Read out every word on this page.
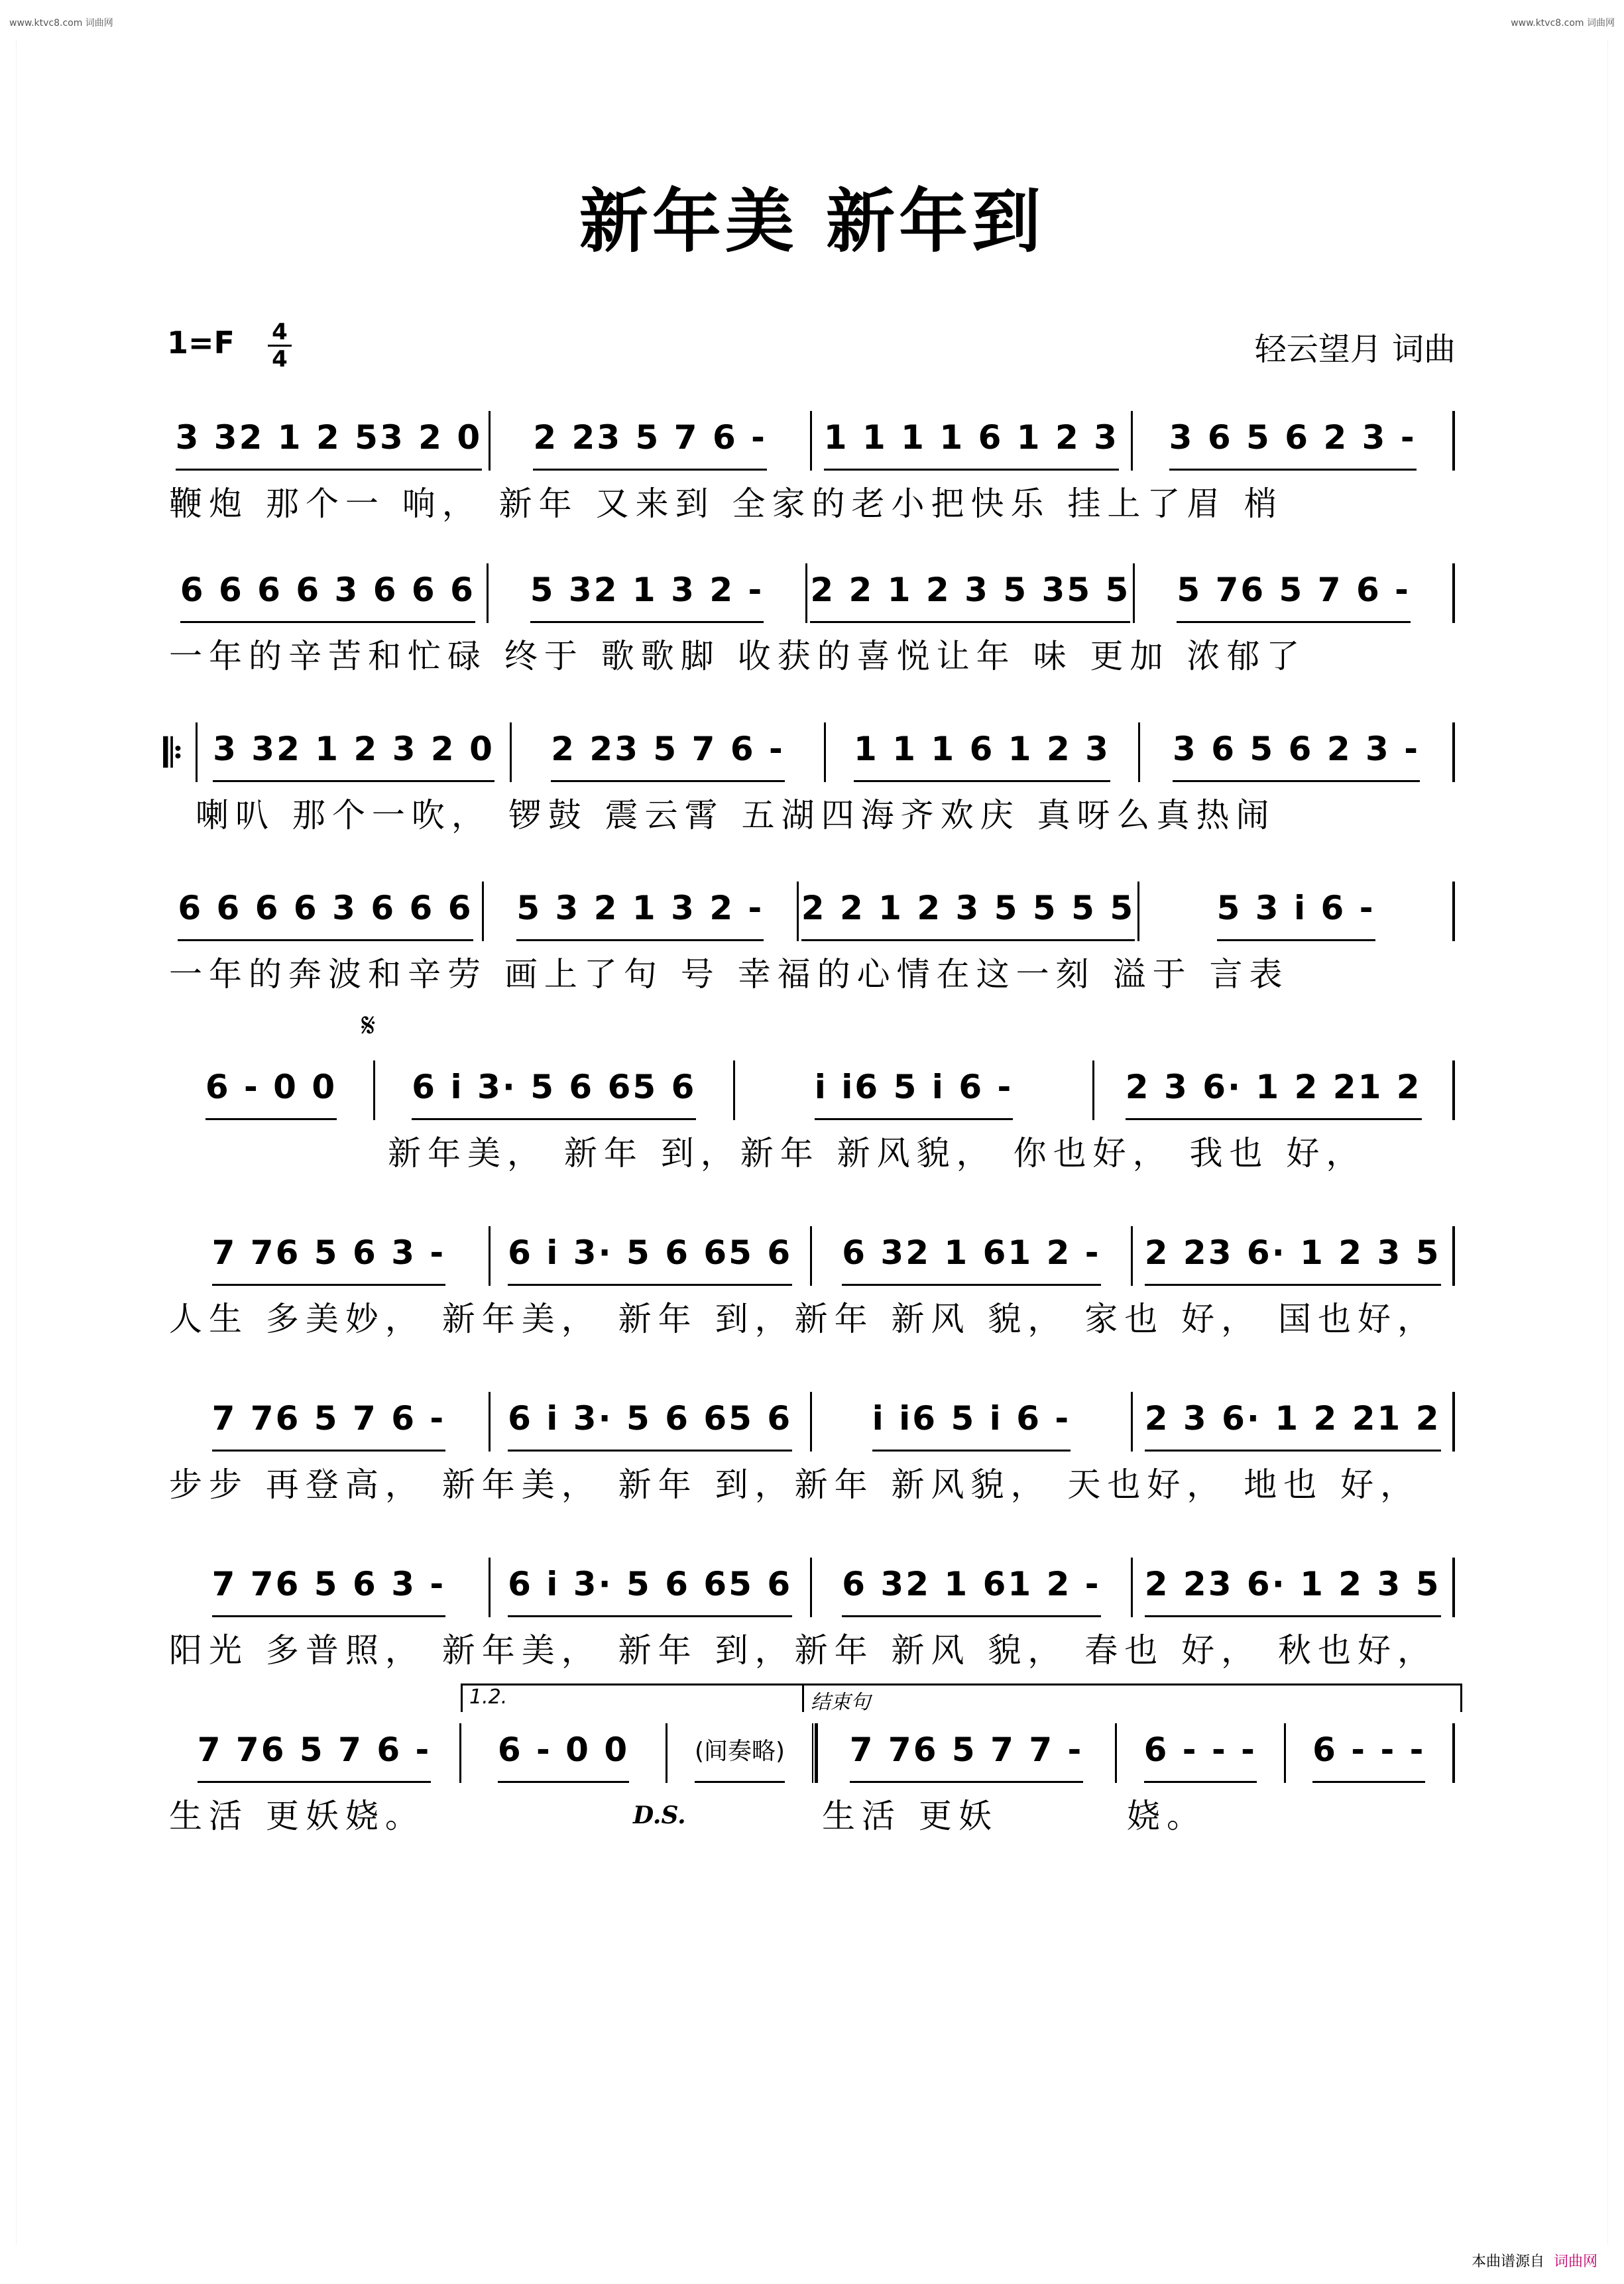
www.ktvc8.com 词曲网	www.ktvc8.com 词曲网
新年美 新年到
1=F 4
4	轻云望月 词曲
3 32 1 2 53 2 0 2 23 5 7 6 - 1 1 1 1 6 1 2 3 3 6 5 6 2 3 -
鞭炮 那个一 响， 新年 又来到 全家的老小把快乐 挂上了眉 梢
6 6 6 6 3 6 6 6 5 32 1 3 2 - 2 2 1 2 3 5 35 5 5 76 5 7 6 -
一年的辛苦和忙碌 终于 歌歌脚 收获的喜悦让年 味 更加 浓郁了
𝄆 3 32 1 2 3 2 0 2 23 5 7 6 - 1 1 1 6 1 2 3 3 6 5 6 2 3 -
喇叭 那个一吹， 锣鼓 震云霄 五湖四海齐欢庆 真呀么真热闹
6 6 6 6 3 6 6 6 5 3 2 1 3 2 - 2 2 1 2 3 5 5 5 5 5 3 i 6 -
一年的奔波和辛劳 画上了句 号 幸福的心情在这一刻 溢于 言表
𝄋
6 - 0 0 6 i 3· 5 6 65 6	i i6 5 i 6 -	2 3 6· 1 2 21 2
新年美， 新年 到，新年 新风貌， 你也好， 我也 好，
7 76 5 6 3 - 6 i 3· 5 6 65 6 6 32 1 61 2 - 2 23 6· 1 2 3 5
人生 多美妙， 新年美， 新年 到，新年 新风 貌， 家也 好， 国也好，
7 76 5 7 6 - 6 i 3· 5 6 65 6 i i6 5 i 6 - 2 3 6· 1 2 21 2
步步 再登高， 新年美， 新年 到，新年 新风貌， 天也好， 地也 好，
7 76 5 6 3 - 6 i 3· 5 6 65 6 6 32 1 61 2 - 2 23 6· 1 2 3 5
阳光 多普照， 新年美， 新年 到，新年 新风 貌， 春也 好， 秋也好，
1.2.	结束句
7 76 5 7 6 - 6 - 0 0	(间奏略) 7 76 5 7 7 - 6 - - - 6 - - -
生活 更妖娆。	D.S.	生活 更妖	娆。
本曲谱源自 词曲网
